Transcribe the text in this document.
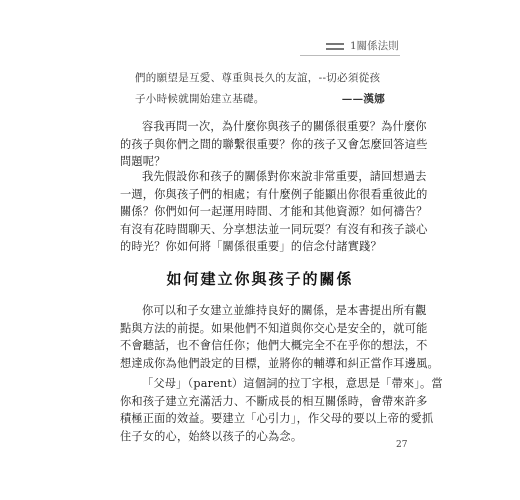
1關係法則

們的願望是互愛、尊重與長久的友誼，--切必須從孩

子小時候就開始建立基礎。	——漢娜

容我再問一次，為什麼你與孩子的關係很重要？為什麼你
的孩子與你們之間的聯繫很重要？你的孩子又會怎麼回答這些
問題呢？

我先假設你和孩子的關係對你來說非常重要，請回想過去
一週，你與孩子們的相處；有什麼例子能顯出你很看重彼此的
關係？你們如何一起運用時間、才能和其他資源？如何禱告？
有沒有花時間聊天、分享想法並一同玩耍？有沒有和孩子談心
的時光？你如何將「關係很重要」的信念付諸實踐？

如何建立你與孩子的關係

你可以和子女建立並維持良好的關係，是本書提出所有觀
點與方法的前提。如果他們不知道與你交心是安全的，就可能
不會聽話，也不會信任你；他們大概完全不在乎你的想法，不
想達成你為他們設定的目標，並將你的輔導和糾正當作耳邊風。

「父母」（parent）這個詞的拉丁字根，意思是「帶來」。當
你和孩子建立充滿活力、不斷成長的相互關係時，會帶來許多
積極正面的效益。要建立「心引力」，作父母的要以上帝的愛抓
住子女的心，始終以孩子的心為念。

27
